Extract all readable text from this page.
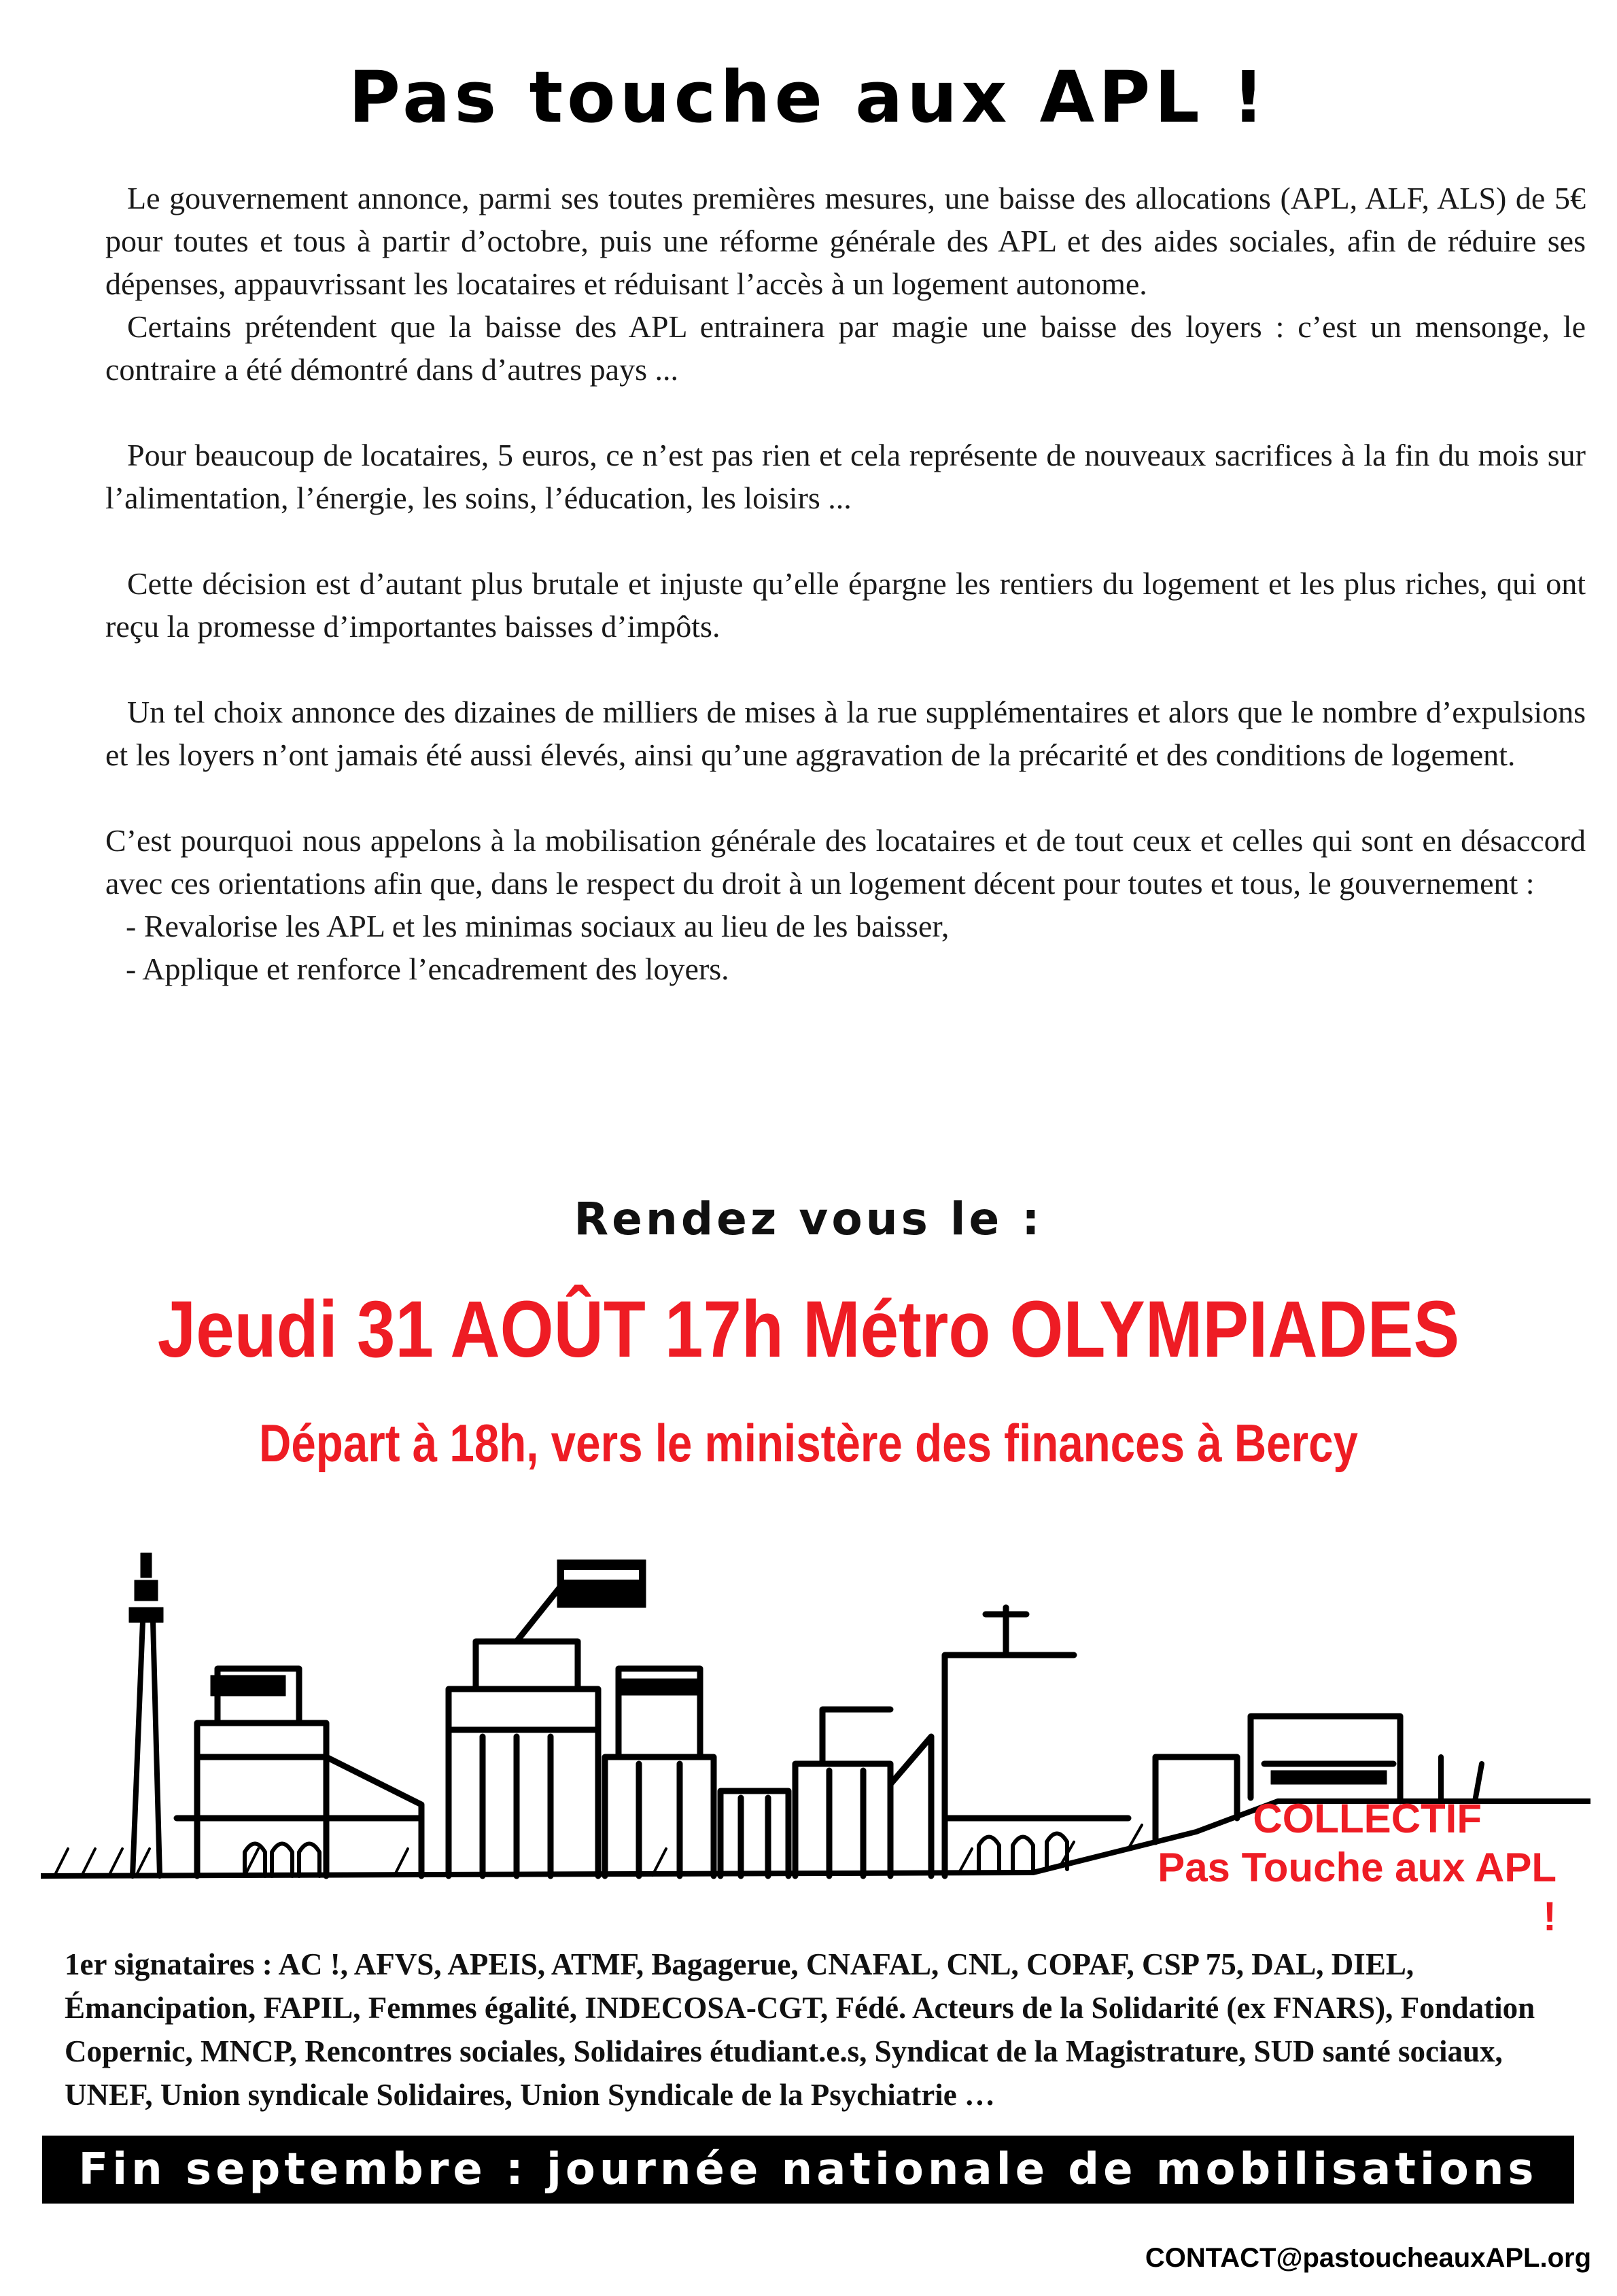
Pas touche aux APL !

Le gouvernement annonce, parmi ses toutes premières mesures, une baisse des allocations (APL, ALF, ALS) de 5€ pour toutes et tous à partir d’octobre, puis une réforme générale des APL et des aides sociales, afin de réduire ses dépenses, appauvrissant les locataires et réduisant l’accès à un logement autonome.

Certains prétendent que la baisse des APL entrainera par magie une baisse des loyers : c’est un mensonge, le contraire a été démontré dans d’autres pays ...

Pour beaucoup de locataires, 5 euros, ce n’est pas rien et cela représente de nouveaux sacrifices à la fin du mois sur l’alimentation, l’énergie, les soins, l’éducation, les loisirs ...

Cette décision est d’autant plus brutale et injuste qu’elle épargne les rentiers du logement et les plus riches, qui ont reçu la promesse d’importantes baisses d’impôts.

Un tel choix annonce des dizaines de milliers de mises à la rue supplémentaires et alors que le nombre d’expulsions et les loyers n’ont jamais été aussi élevés, ainsi qu’une aggravation de la précarité et des conditions de logement.

C’est pourquoi nous appelons à la mobilisation générale des locataires et de tout ceux et celles qui sont en désaccord avec ces orientations afin que, dans le respect du droit à un logement décent pour toutes et tous, le gouvernement :

- Revalorise les APL et les minimas sociaux au lieu de les baisser,

- Applique et renforce l’encadrement des loyers.

Rendez vous le :
Jeudi 31 AOÛT 17h Métro OLYMPIADES
Départ à 18h, vers le ministère des finances à Bercy
COLLECTIF
Pas Touche aux APL !
1er signataires : AC !, AFVS, APEIS, ATMF, Bagagerue, CNAFAL, CNL, COPAF, CSP 75, DAL, DIEL, Émancipation, FAPIL, Femmes égalité, INDECOSA-CGT, Fédé. Acteurs de la Solidarité (ex FNARS), Fondation Copernic, MNCP, Rencontres sociales, Solidaires étudiant.e.s, Syndicat de la Magistrature, SUD santé sociaux, UNEF, Union syndicale Solidaires, Union Syndicale de la Psychiatrie …
Fin septembre : journée nationale de mobilisations
CONTACT@pastoucheauxAPL.org
